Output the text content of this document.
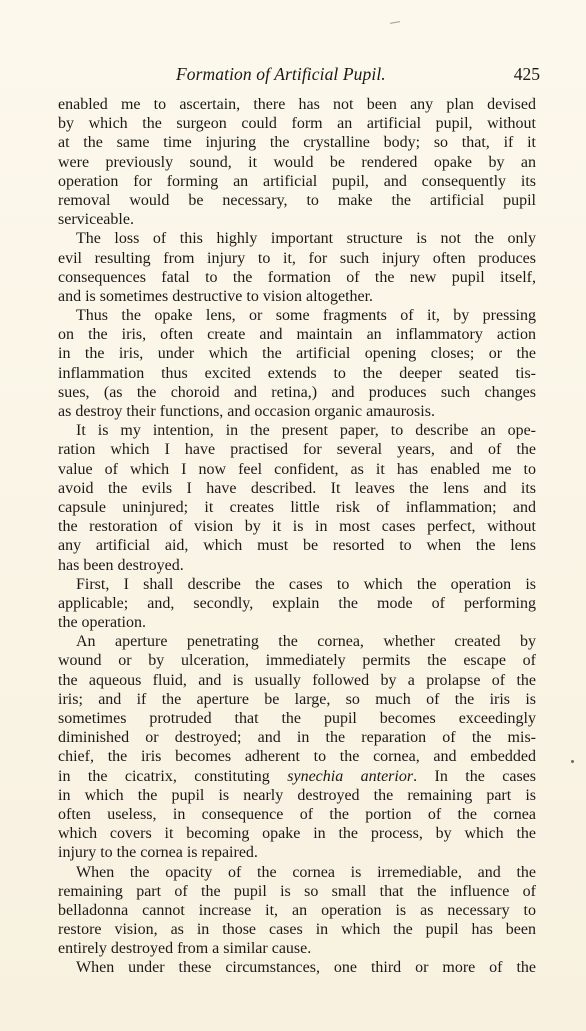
Formation of Artificial Pupil.	425
enabled me to ascertain, there has not been any plan devised
by which the surgeon could form an artificial pupil, without
at the same time injuring the crystalline body; so that, if it
were previously sound, it would be rendered opake by an
operation for forming an artificial pupil, and consequently its
removal would be necessary, to make the artificial pupil
serviceable.
The loss of this highly important structure is not the only
evil resulting from injury to it, for such injury often produces
consequences fatal to the formation of the new pupil itself,
and is sometimes destructive to vision altogether.
Thus the opake lens, or some fragments of it, by pressing
on the iris, often create and maintain an inflammatory action
in the iris, under which the artificial opening closes; or the
inflammation thus excited extends to the deeper seated tis-
sues, (as the choroid and retina,) and produces such changes
as destroy their functions, and occasion organic amaurosis.
It is my intention, in the present paper, to describe an ope-
ration which I have practised for several years, and of the
value of which I now feel confident, as it has enabled me to
avoid the evils I have described. It leaves the lens and its
capsule uninjured; it creates little risk of inflammation; and
the restoration of vision by it is in most cases perfect, without
any artificial aid, which must be resorted to when the lens
has been destroyed.
First, I shall describe the cases to which the operation is
applicable; and, secondly, explain the mode of performing
the operation.
An aperture penetrating the cornea, whether created by
wound or by ulceration, immediately permits the escape of
the aqueous fluid, and is usually followed by a prolapse of the
iris; and if the aperture be large, so much of the iris is
sometimes protruded that the pupil becomes exceedingly
diminished or destroyed; and in the reparation of the mis-
chief, the iris becomes adherent to the cornea, and embedded
in the cicatrix, constituting synechia anterior. In the cases
in which the pupil is nearly destroyed the remaining part is
often useless, in consequence of the portion of the cornea
which covers it becoming opake in the process, by which the
injury to the cornea is repaired.
When the opacity of the cornea is irremediable, and the
remaining part of the pupil is so small that the influence of
belladonna cannot increase it, an operation is as necessary to
restore vision, as in those cases in which the pupil has been
entirely destroyed from a similar cause.
When under these circumstances, one third or more of the
